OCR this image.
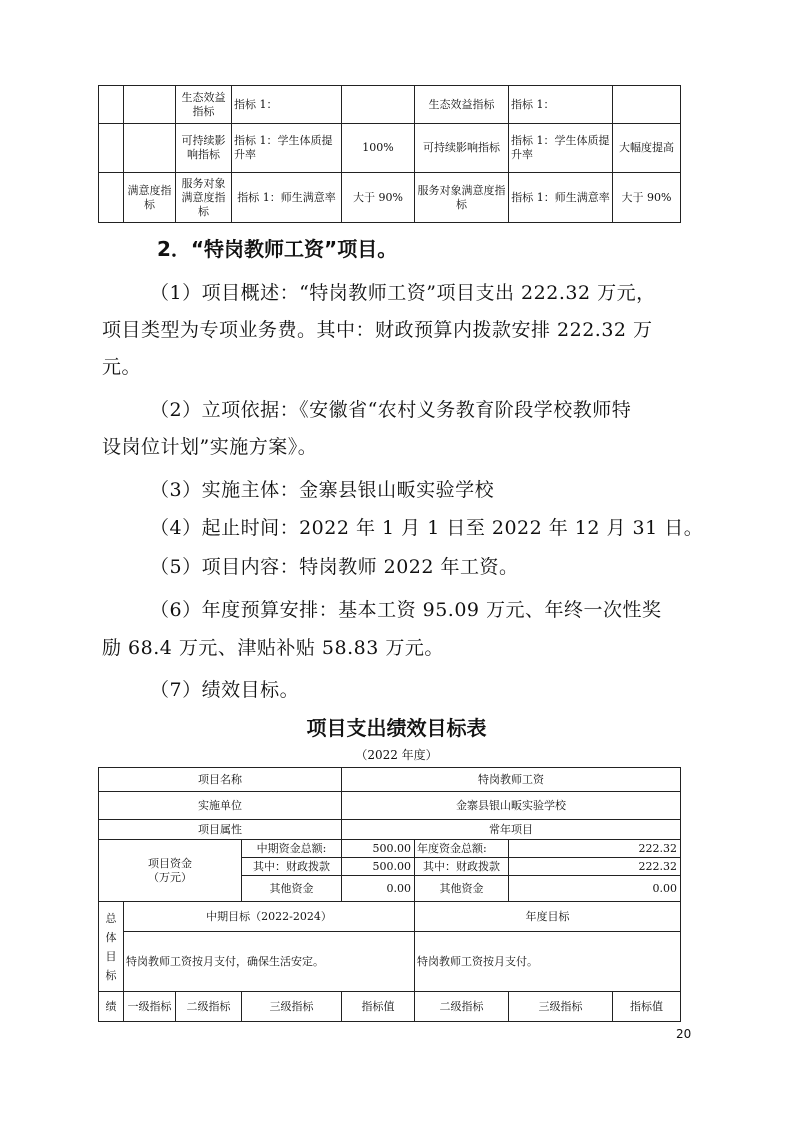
		生态效益指标	指标 1：		生态效益指标	指标 1：	
		可持续影响指标	指标 1：学生体质提升率	100%	可持续影响指标	指标 1：学生体质提升率	大幅度提高
	满意度指标	服务对象满意度指标	指标 1：师生满意率	大于 90%	服务对象满意度指标	指标 1：师生满意率	大于 90%
2．“特岗教师工资”项目。
（1）项目概述：“特岗教师工资”项目支出 222.32 万元，
项目类型为专项业务费。其中：财政预算内拨款安排 222.32 万
元。
（2）立项依据：《安徽省“农村义务教育阶段学校教师特
设岗位计划”实施方案》。
（3）实施主体：金寨县银山畈实验学校
（4）起止时间：2022 年 1 月 1 日至 2022 年 12 月 31 日。
（5）项目内容：特岗教师 2022 年工资。
（6）年度预算安排：基本工资 95.09 万元、年终一次性奖
励 68.4 万元、津贴补贴 58.83 万元。
（7）绩效目标。
项目支出绩效目标表
（2022 年度）
项目名称				特岗教师工资			
实施单位				金寨县银山畈实验学校			
项目属性				常年项目			

项目资金
（万元）			中期资金总额:	500.00	年度资金总额:	222.32	
			其中：财政拨款	500.00	其中：财政拨款	222.32	
			其他资金	0.00	其他资金	0.00	
总体目标	中期目标（2022-2024）				年度目标		
	特岗教师工资按月支付，确保生活安定。				特岗教师工资按月支付。		
绩	一级指标	二级指标	三级指标	指标值	二级指标	三级指标	指标值
20
